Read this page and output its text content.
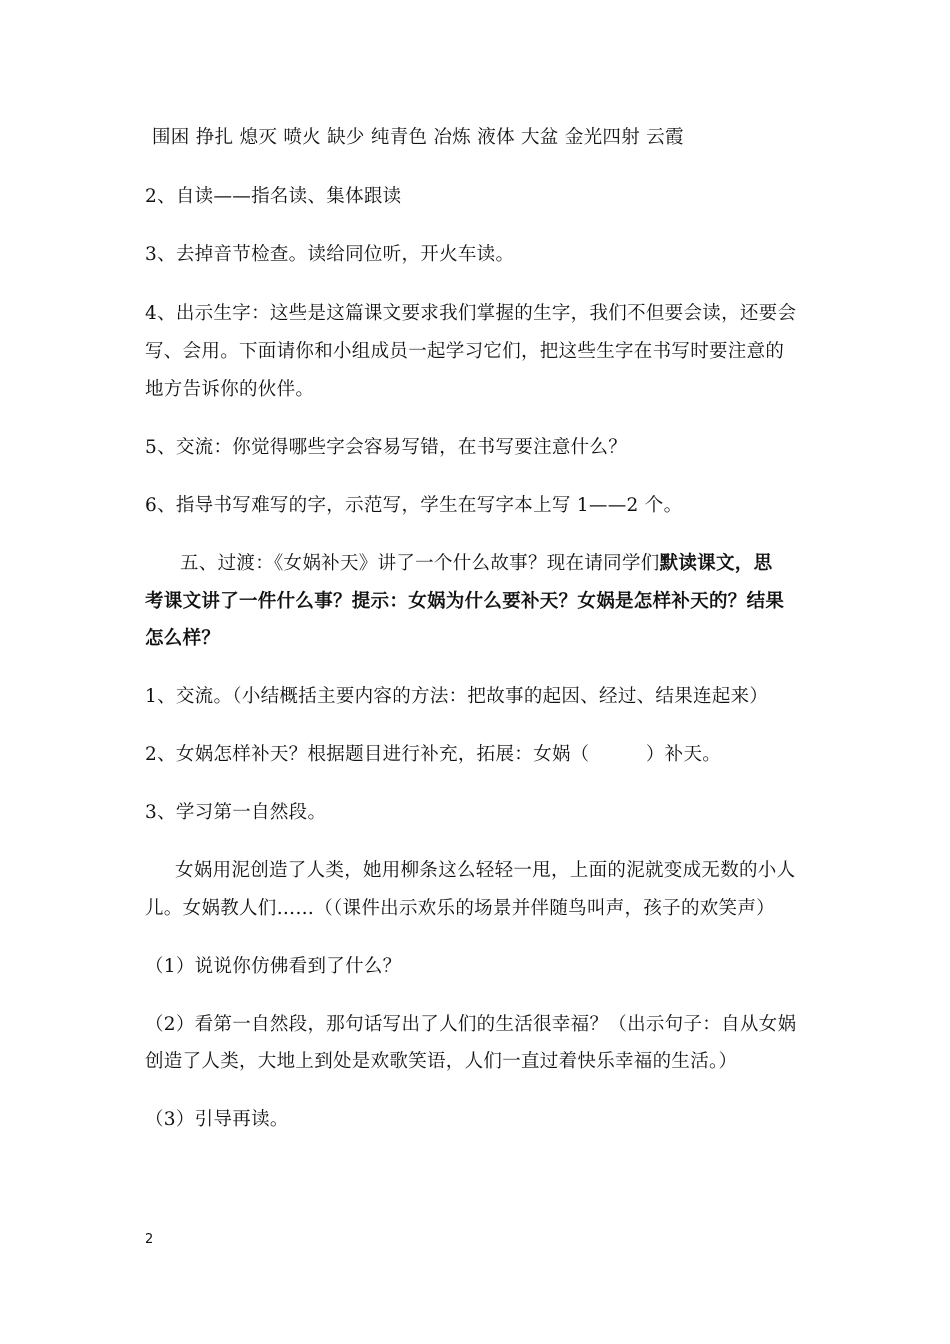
围困 挣扎 熄灭 喷火 缺少 纯青色 冶炼 液体 大盆 金光四射 云霞
2、自读——指名读、集体跟读
3、去掉音节检查。读给同位听，开火车读。
4、出示生字：这些是这篇课文要求我们掌握的生字，我们不但要会读，还要会
写、会用。下面请你和小组成员一起学习它们，把这些生字在书写时要注意的
地方告诉你的伙伴。
5、交流：你觉得哪些字会容易写错，在书写要注意什么？
6、指导书写难写的字，示范写，学生在写字本上写 1——2 个。
五、过渡：《女娲补天》讲了一个什么故事？现在请同学们默读课文，思
考课文讲了一件什么事？提示：女娲为什么要补天？女娲是怎样补天的？结果
怎么样？
1、交流。（小结概括主要内容的方法：把故事的起因、经过、结果连起来）
2、女娲怎样补天？根据题目进行补充，拓展：女娲（　　　）补天。
3、学习第一自然段。
女娲用泥创造了人类，她用柳条这么轻轻一甩，上面的泥就变成无数的小人
儿。女娲教人们……（（课件出示欢乐的场景并伴随鸟叫声，孩子的欢笑声）
（1）说说你仿佛看到了什么？
（2）看第一自然段，那句话写出了人们的生活很幸福？（出示句子：自从女娲
创造了人类，大地上到处是欢歌笑语，人们一直过着快乐幸福的生活。）
（3）引导再读。
2
